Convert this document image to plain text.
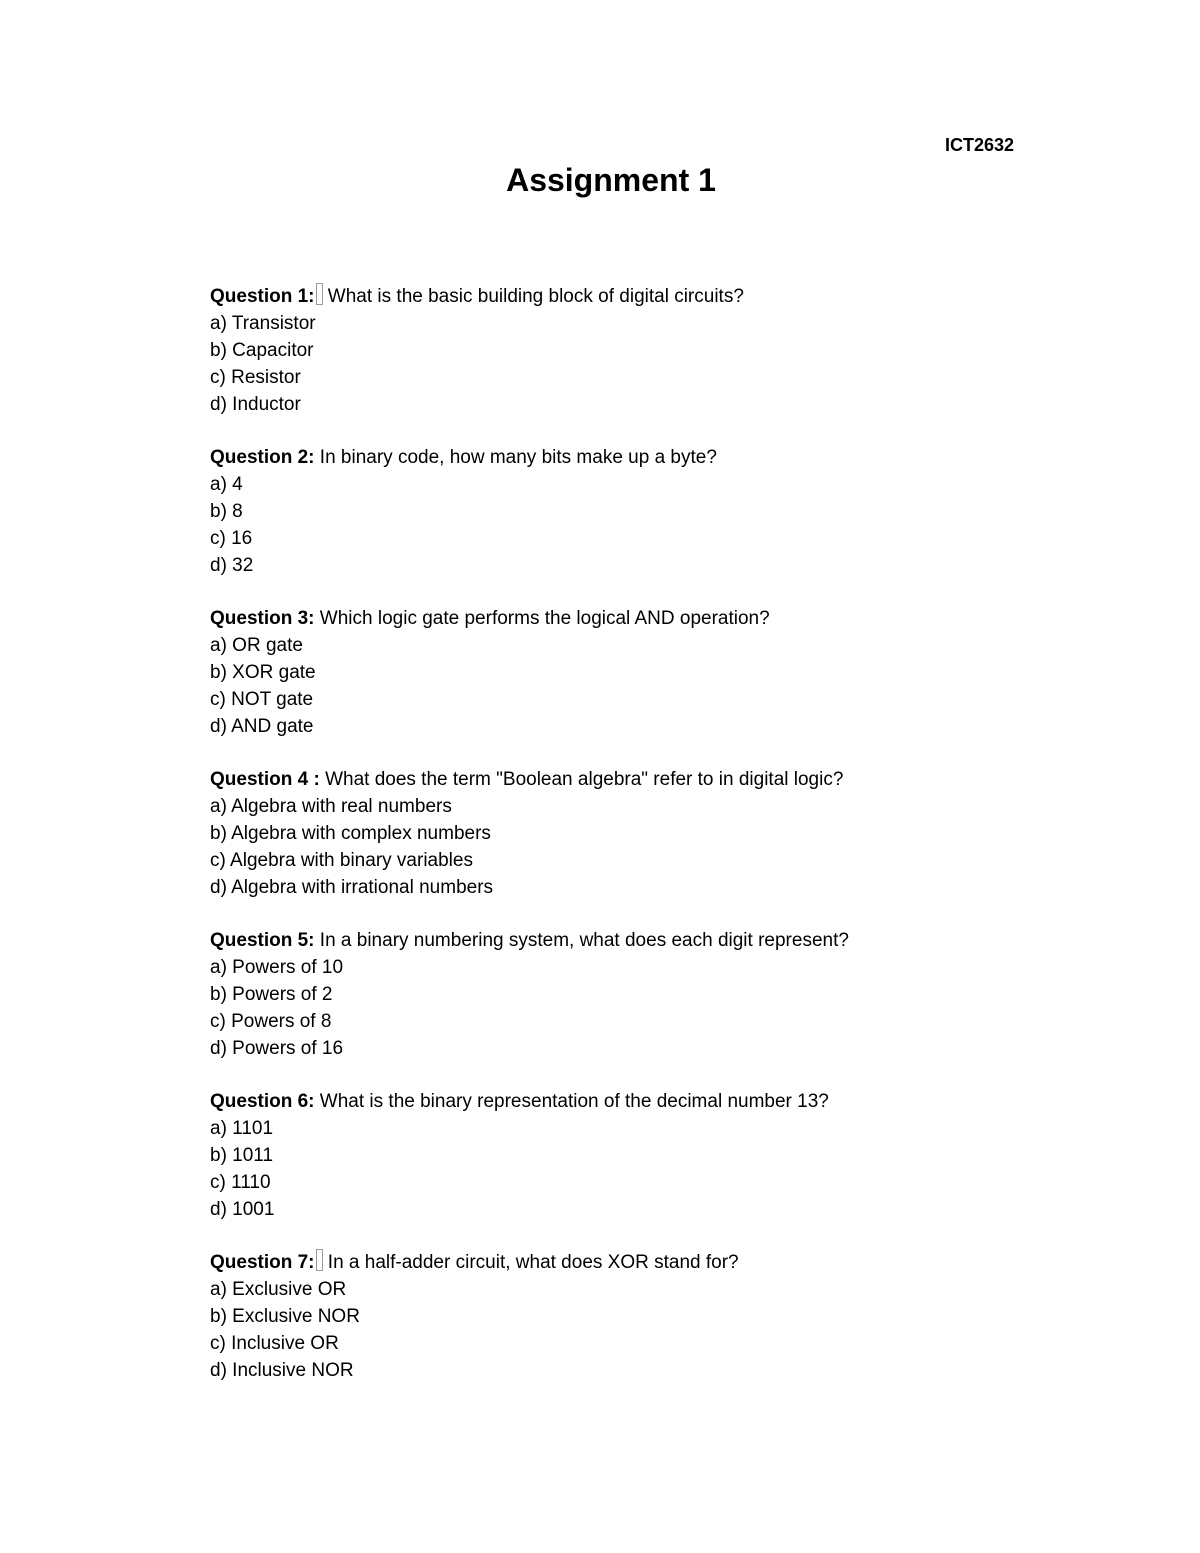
ICT2632
Assignment 1
Question 1: What is the basic building block of digital circuits?
a) Transistor
b) Capacitor
c) Resistor
d) Inductor
Question 2: In binary code, how many bits make up a byte?
a) 4
b) 8
c) 16
d) 32
Question 3: Which logic gate performs the logical AND operation?
a) OR gate
b) XOR gate
c) NOT gate
d) AND gate
Question 4 : What does the term "Boolean algebra" refer to in digital logic?
a) Algebra with real numbers
b) Algebra with complex numbers
c) Algebra with binary variables
d) Algebra with irrational numbers
Question 5: In a binary numbering system, what does each digit represent?
a) Powers of 10
b) Powers of 2
c) Powers of 8
d) Powers of 16
Question 6: What is the binary representation of the decimal number 13?
a) 1101
b) 1011
c) 1110
d) 1001
Question 7: In a half-adder circuit, what does XOR stand for?
a) Exclusive OR
b) Exclusive NOR
c) Inclusive OR
d) Inclusive NOR
